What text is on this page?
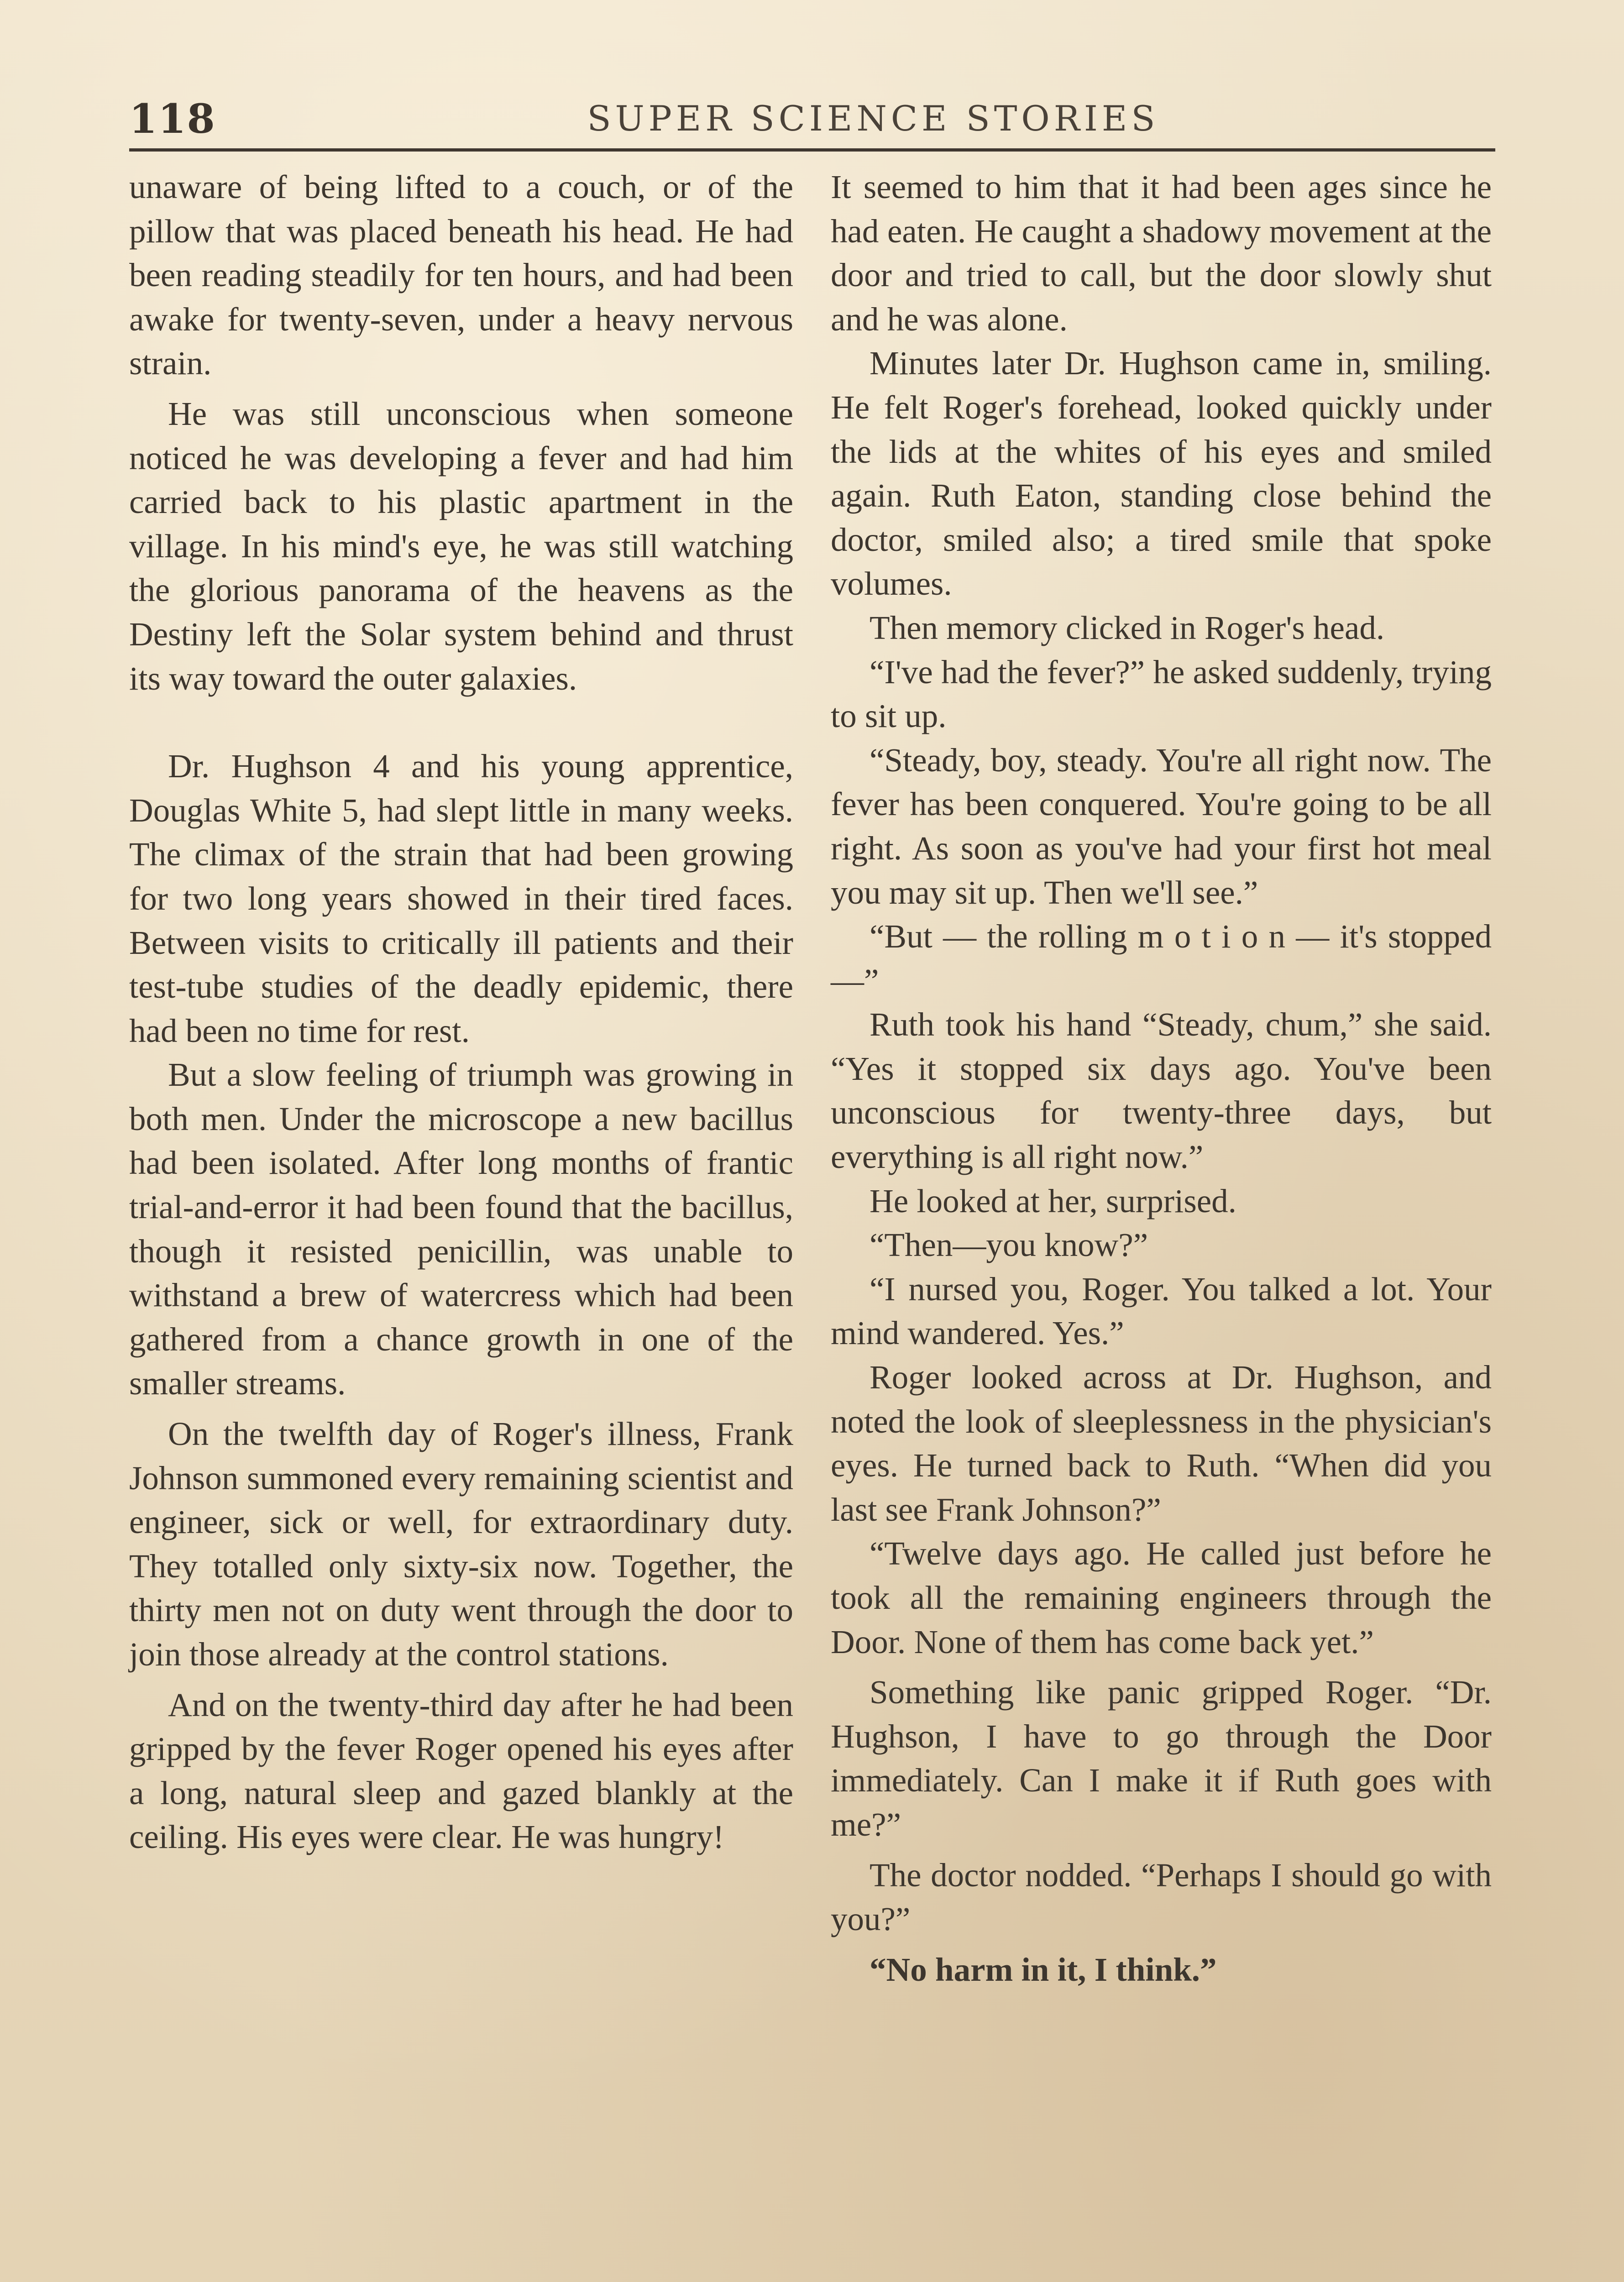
118	SUPER SCIENCE STORIES

unaware of being lifted to a couch, or of the pillow that was placed beneath his head. He had been reading steadily for ten hours, and had been awake for twenty-seven, under a heavy nervous strain.

He was still unconscious when someone noticed he was developing a fever and had him carried back to his plastic apartment in the village. In his mind's eye, he was still watching the glorious panorama of the heavens as the Destiny left the Solar system behind and thrust its way toward the outer galaxies.

Dr. Hughson 4 and his young apprentice, Douglas White 5, had slept little in many weeks. The climax of the strain that had been growing for two long years showed in their tired faces. Between visits to critically ill patients and their test-tube studies of the deadly epidemic, there had been no time for rest.

But a slow feeling of triumph was growing in both men. Under the microscope a new bacillus had been isolated. After long months of frantic trial-and-error it had been found that the bacillus, though it resisted penicillin, was unable to withstand a brew of watercress which had been gathered from a chance growth in one of the smaller streams.

On the twelfth day of Roger's illness, Frank Johnson summoned every remaining scientist and engineer, sick or well, for extraordinary duty. They totalled only sixty-six now. Together, the thirty men not on duty went through the door to join those already at the control stations.

And on the twenty-third day after he had been gripped by the fever Roger opened his eyes after a long, natural sleep and gazed blankly at the ceiling. His eyes were clear. He was hungry!

It seemed to him that it had been ages since he had eaten. He caught a shadowy movement at the door and tried to call, but the door slowly shut and he was alone.

Minutes later Dr. Hughson came in, smiling. He felt Roger's forehead, looked quickly under the lids at the whites of his eyes and smiled again. Ruth Eaton, standing close behind the doctor, smiled also; a tired smile that spoke volumes.

Then memory clicked in Roger's head.

“I've had the fever?” he asked suddenly, trying to sit up.

“Steady, boy, steady. You're all right now. The fever has been conquered. You're going to be all right. As soon as you've had your first hot meal you may sit up. Then we'll see.”

“But — the rolling m o t i o n — it's stopped—”

Ruth took his hand “Steady, chum,” she said. “Yes it stopped six days ago. You've been unconscious for twenty-three days, but everything is all right now.”

He looked at her, surprised.

“Then—you know?”

“I nursed you, Roger. You talked a lot. Your mind wandered. Yes.”

Roger looked across at Dr. Hughson, and noted the look of sleeplessness in the physician's eyes. He turned back to Ruth. “When did you last see Frank Johnson?”

“Twelve days ago. He called just before he took all the remaining engineers through the Door. None of them has come back yet.”

Something like panic gripped Roger. “Dr. Hughson, I have to go through the Door immediately. Can I make it if Ruth goes with me?”

The doctor nodded. “Perhaps I should go with you?”

“No harm in it, I think.”
